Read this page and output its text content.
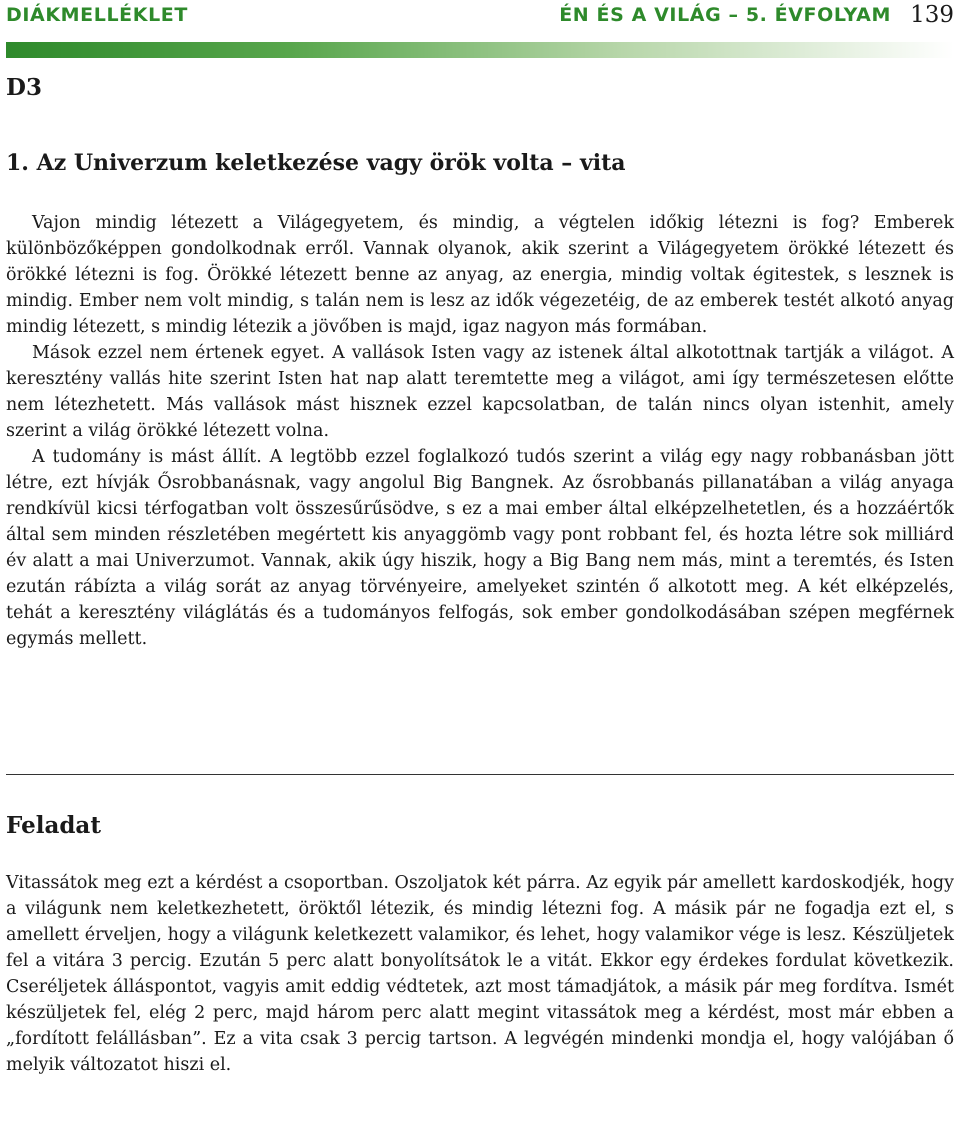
DIÁKMELLÉKLET	ÉN ÉS A VILÁG – 5. ÉVFOLYAM 139
D3
1. Az Univerzum keletkezése vagy örök volta – vita

Vajon mindig létezett a Világegyetem, és mindig, a végtelen időkig létezni is fog? Emberek különbözőképpen gondolkodnak erről. Vannak olyanok, akik szerint a Világegyetem örökké létezett és örökké létezni is fog. Örökké létezett benne az anyag, az energia, mindig voltak égitestek, s lesznek is mindig. Ember nem volt mindig, s talán nem is lesz az idők végezetéig, de az emberek testét alkotó anyag mindig létezett, s mindig létezik a jövőben is majd, igaz nagyon más formában.

Mások ezzel nem értenek egyet. A vallások Isten vagy az istenek által alkotottnak tartják a világot. A keresztény vallás hite szerint Isten hat nap alatt teremtette meg a világot, ami így természetesen előtte nem létezhetett. Más vallások mást hisznek ezzel kapcsolatban, de talán nincs olyan istenhit, amely szerint a világ örökké létezett volna.

A tudomány is mást állít. A legtöbb ezzel foglalkozó tudós szerint a világ egy nagy robbanásban jött létre, ezt hívják Ősrobbanásnak, vagy angolul Big Bangnek. Az ősrobbanás pillanatában a világ anyaga rendkívül kicsi térfogatban volt összesűrűsödve, s ez a mai ember által elképzelhetetlen, és a hozzáértők által sem minden részletében megértett kis anyaggömb vagy pont robbant fel, és hozta létre sok milliárd év alatt a mai Univerzumot. Vannak, akik úgy hiszik, hogy a Big Bang nem más, mint a teremtés, és Isten ezután rábízta a világ sorát az anyag törvényeire, amelyeket szintén ő alkotott meg. A két elképzelés, tehát a keresztény világlátás és a tudományos felfogás, sok ember gondolkodásában szépen megférnek egymás mellett.

Feladat

Vitassátok meg ezt a kérdést a csoportban. Oszoljatok két párra. Az egyik pár amellett kardoskodjék, hogy a világunk nem keletkezhetett, öröktől létezik, és mindig létezni fog. A másik pár ne fogadja ezt el, s amellett érveljen, hogy a világunk keletkezett valamikor, és lehet, hogy valamikor vége is lesz. Készüljetek fel a vitára 3 percig. Ezután 5 perc alatt bonyolítsátok le a vitát. Ekkor egy érdekes fordulat következik. Cseréljetek álláspontot, vagyis amit eddig védtetek, azt most támadjátok, a másik pár meg fordítva. Ismét készüljetek fel, elég 2 perc, majd három perc alatt megint vitassátok meg a kérdést, most már ebben a „fordított felállásban”. Ez a vita csak 3 percig tartson. A legvégén mindenki mondja el, hogy valójában ő melyik változatot hiszi el.
